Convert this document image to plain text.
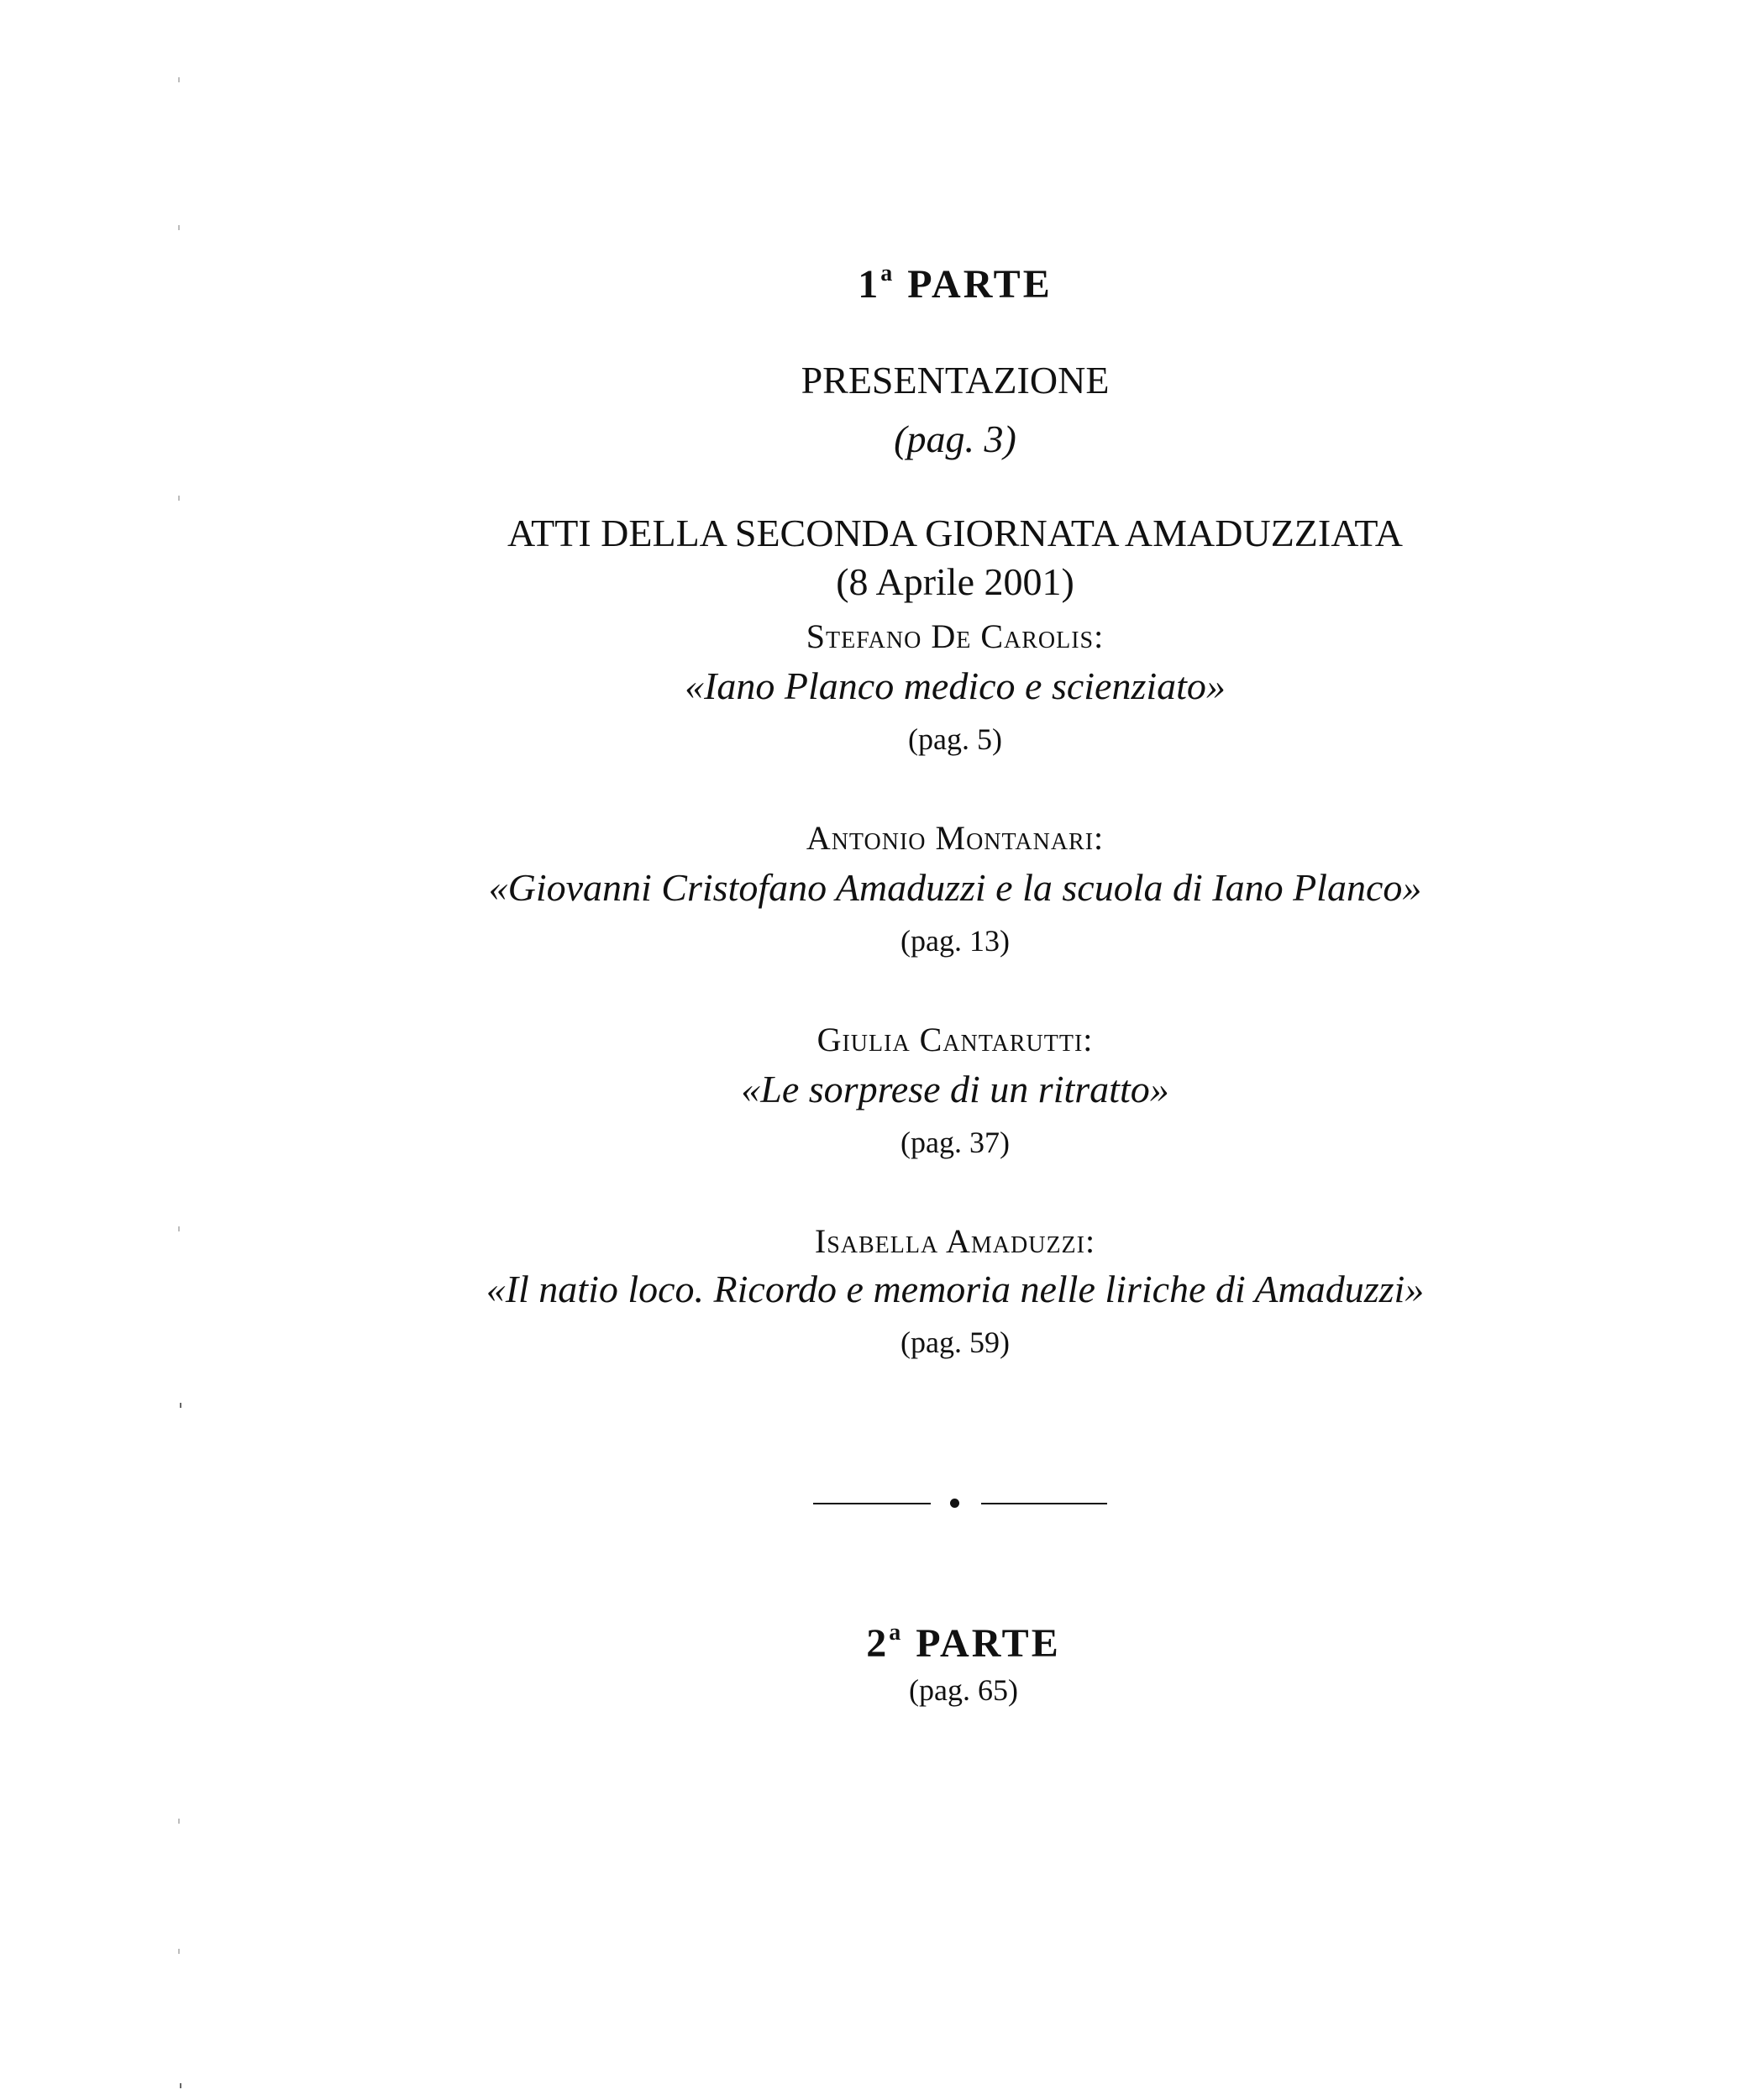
1$^a$ PARTE
PRESENTAZIONE
(pag. 3)
ATTI DELLA SECONDA GIORNATA AMADUZZIATA
(8 Aprile 2001)
Stefano De Carolis:
«Iano Planco medico e scienziato»
(pag. 5)
Antonio Montanari:
«Giovanni Cristofano Amaduzzi e la scuola di Iano Planco»
(pag. 13)
Giulia Cantarutti:
«Le sorprese di un ritratto»
(pag. 37)
Isabella Amaduzzi:
«Il natio loco. Ricordo e memoria nelle liriche di Amaduzzi»
(pag. 59)
2$^a$ PARTE
(pag. 65)
